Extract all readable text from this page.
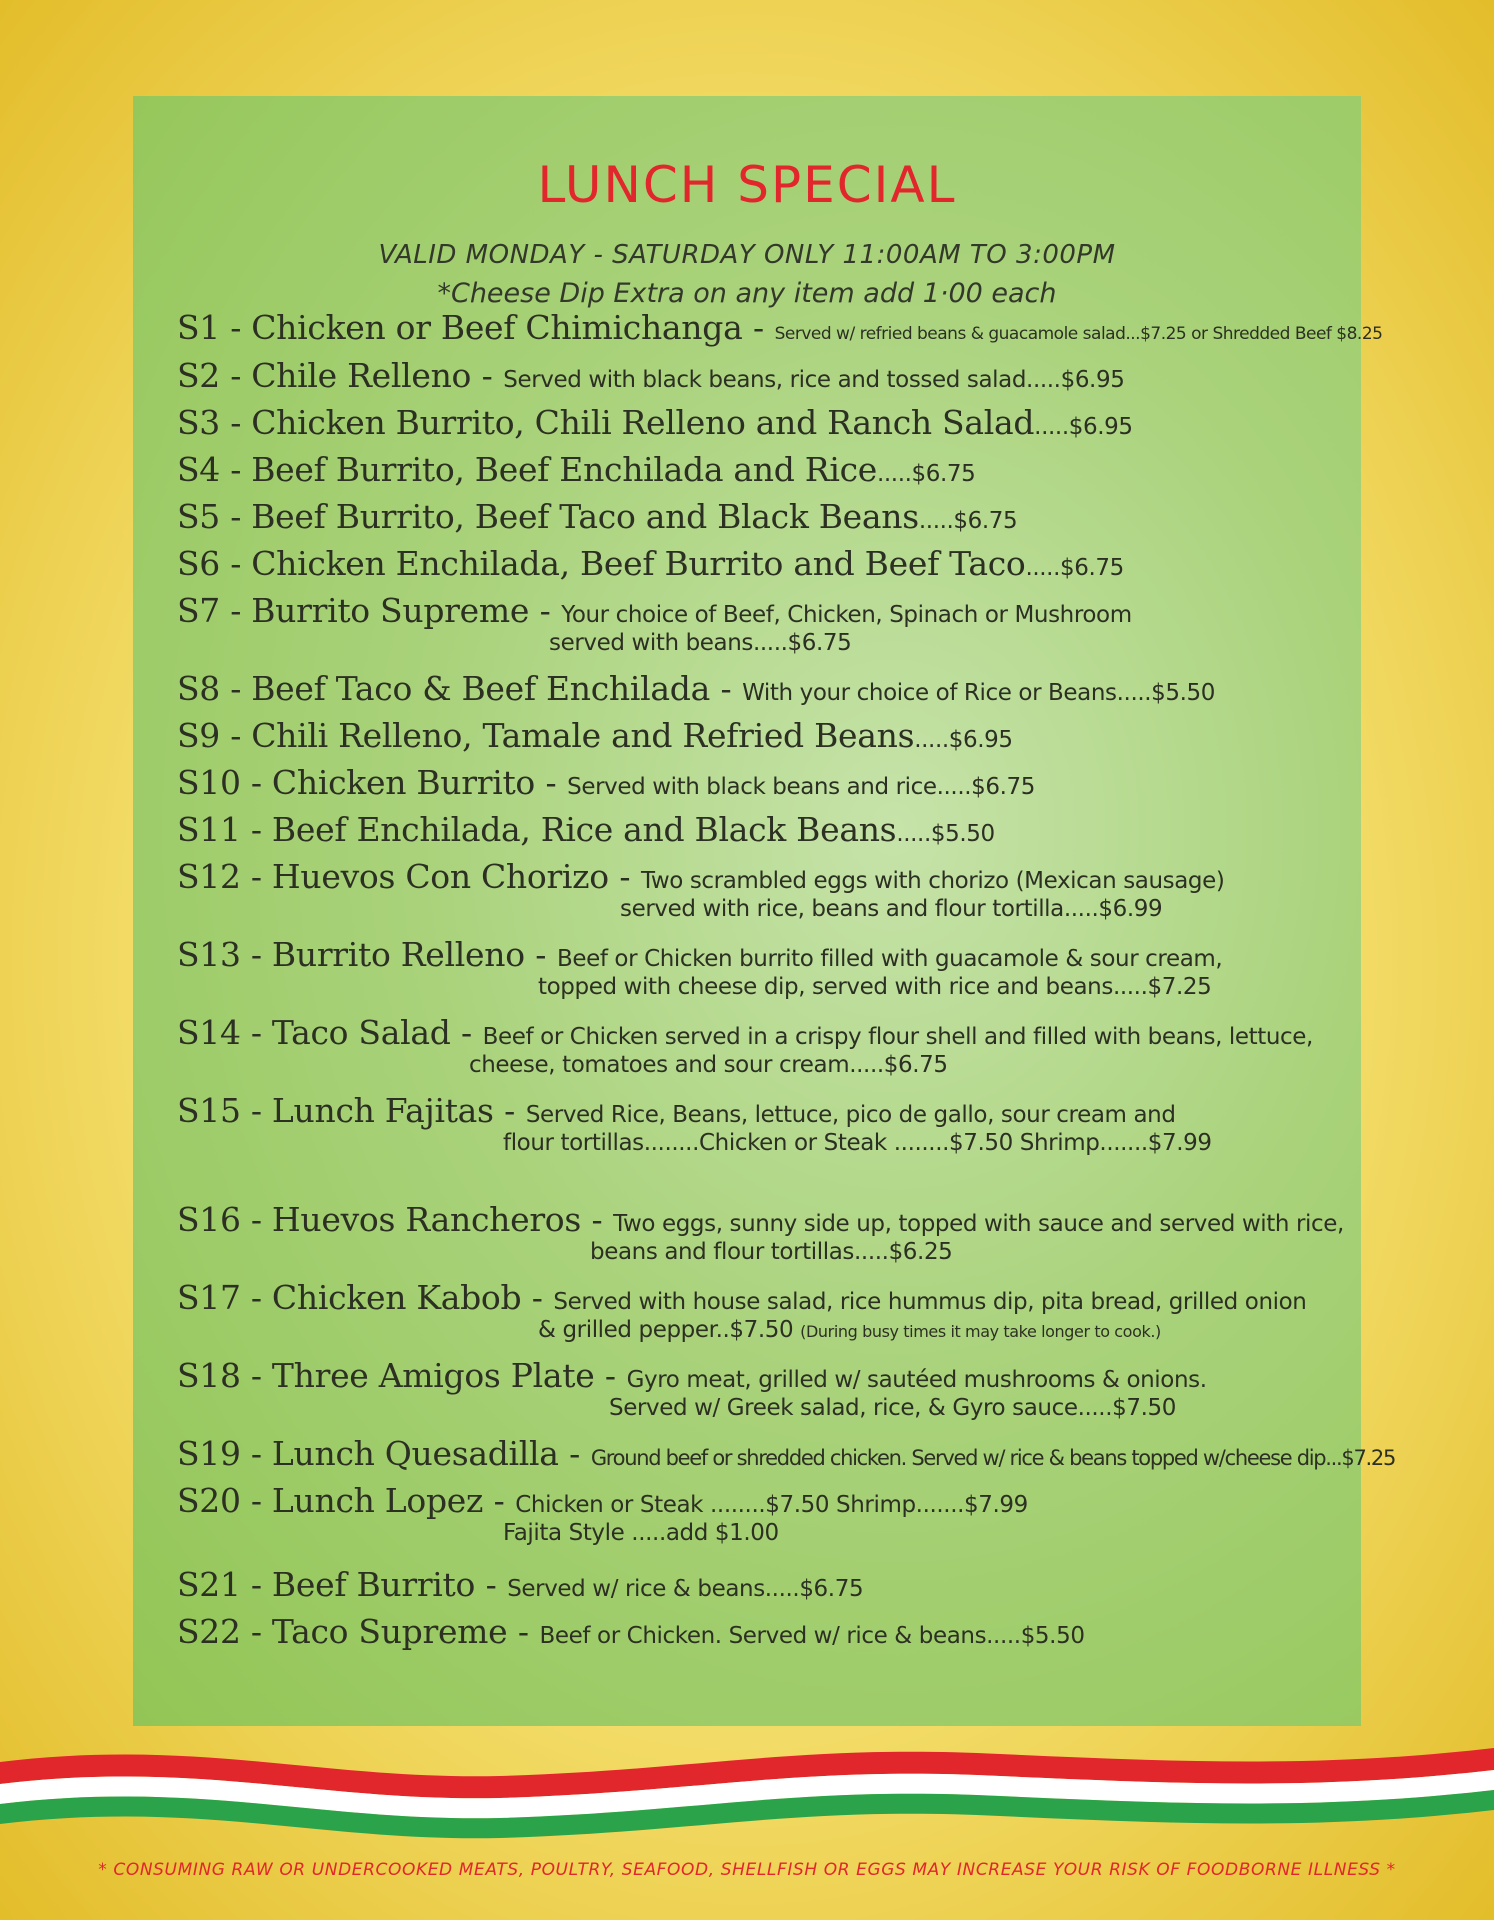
LUNCH SPECIAL
VALID MONDAY - SATURDAY ONLY 11:00AM TO 3:00PM
*Cheese Dip Extra on any item add 1·00 each
S1 - Chicken or Beef Chimichanga - Served w/ refried beans & guacamole salad...$7.25 or Shredded Beef $8.25
S2 - Chile Relleno - Served with black beans, rice and tossed salad.....$6.95
S3 - Chicken Burrito, Chili Relleno and Ranch Salad.....$6.95
S4 - Beef Burrito, Beef Enchilada and Rice.....$6.75
S5 - Beef Burrito, Beef Taco and Black Beans.....$6.75
S6 - Chicken Enchilada, Beef Burrito and Beef Taco.....$6.75
S7 - Burrito Supreme - Your choice of Beef, Chicken, Spinach or Mushroom
served with beans.....$6.75
S8 - Beef Taco & Beef Enchilada - With your choice of Rice or Beans.....$5.50
S9 - Chili Relleno, Tamale and Refried Beans.....$6.95
S10 - Chicken Burrito - Served with black beans and rice.....$6.75
S11 - Beef Enchilada, Rice and Black Beans.....$5.50
S12 - Huevos Con Chorizo - Two scrambled eggs with chorizo (Mexican sausage)
served with rice, beans and flour tortilla.....$6.99
S13 - Burrito Relleno - Beef or Chicken burrito filled with guacamole & sour cream,
topped with cheese dip, served with rice and beans.....$7.25
S14 - Taco Salad - Beef or Chicken served in a crispy flour shell and filled with beans, lettuce,
cheese, tomatoes and sour cream.....$6.75
S15 - Lunch Fajitas - Served Rice, Beans, lettuce, pico de gallo, sour cream and
flour tortillas........Chicken or Steak ........$7.50 Shrimp.......$7.99
S16 - Huevos Rancheros - Two eggs, sunny side up, topped with sauce and served with rice,
beans and flour tortillas.....$6.25
S17 - Chicken Kabob - Served with house salad, rice hummus dip, pita bread, grilled onion
& grilled pepper..$7.50 (During busy times it may take longer to cook.)
S18 - Three Amigos Plate - Gyro meat, grilled w/ sautéed mushrooms & onions.
Served w/ Greek salad, rice, & Gyro sauce.....$7.50
S19 - Lunch Quesadilla - Ground beef or shredded chicken. Served w/ rice & beans topped w/cheese dip...$7.25
S20 - Lunch Lopez - Chicken or Steak ........$7.50 Shrimp.......$7.99
Fajita Style .....add $1.00
S21 - Beef Burrito - Served w/ rice & beans.....$6.75
S22 - Taco Supreme - Beef or Chicken. Served w/ rice & beans.....$5.50
* CONSUMING RAW OR UNDERCOOKED MEATS, POULTRY, SEAFOOD, SHELLFISH OR EGGS MAY INCREASE YOUR RISK OF FOODBORNE ILLNESS *
